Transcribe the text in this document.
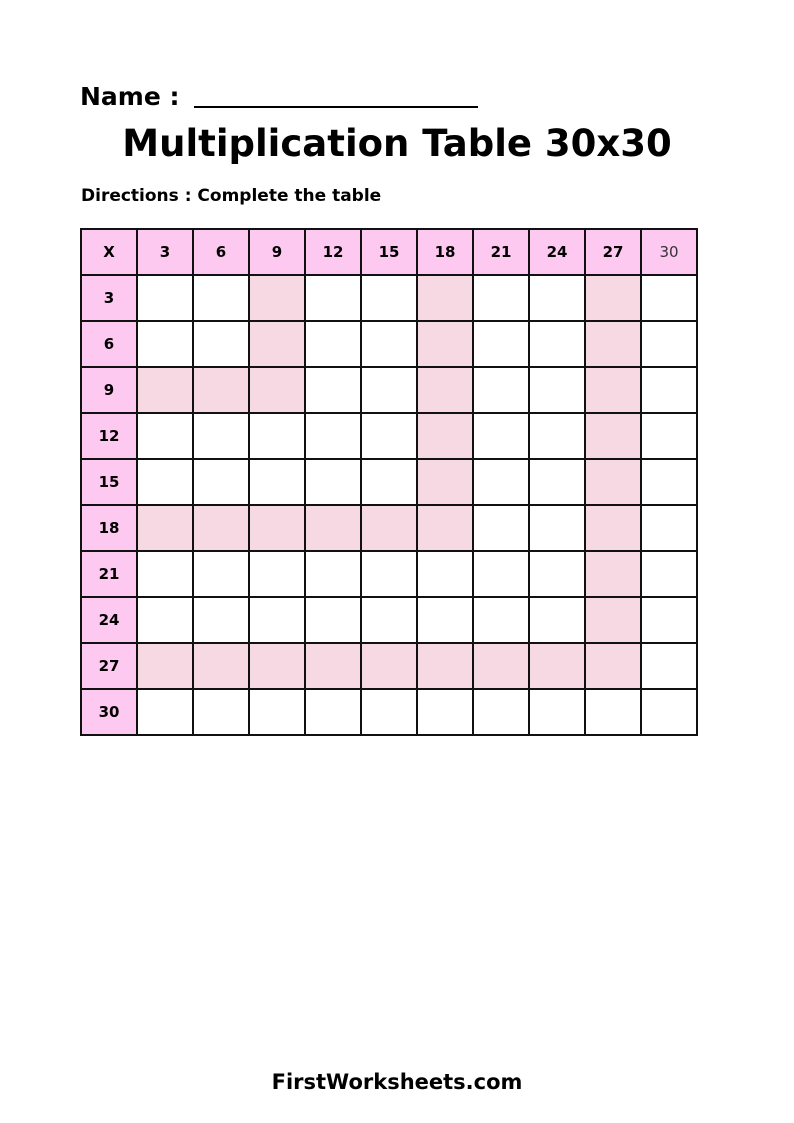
Name :
Multiplication Table 30x30
Directions : Complete the table
X	3	6	9	12	15	18	21	24	27	30
3										
6										
9										
12										
15										
18										
21										
24										
27										
30										
FirstWorksheets.com
